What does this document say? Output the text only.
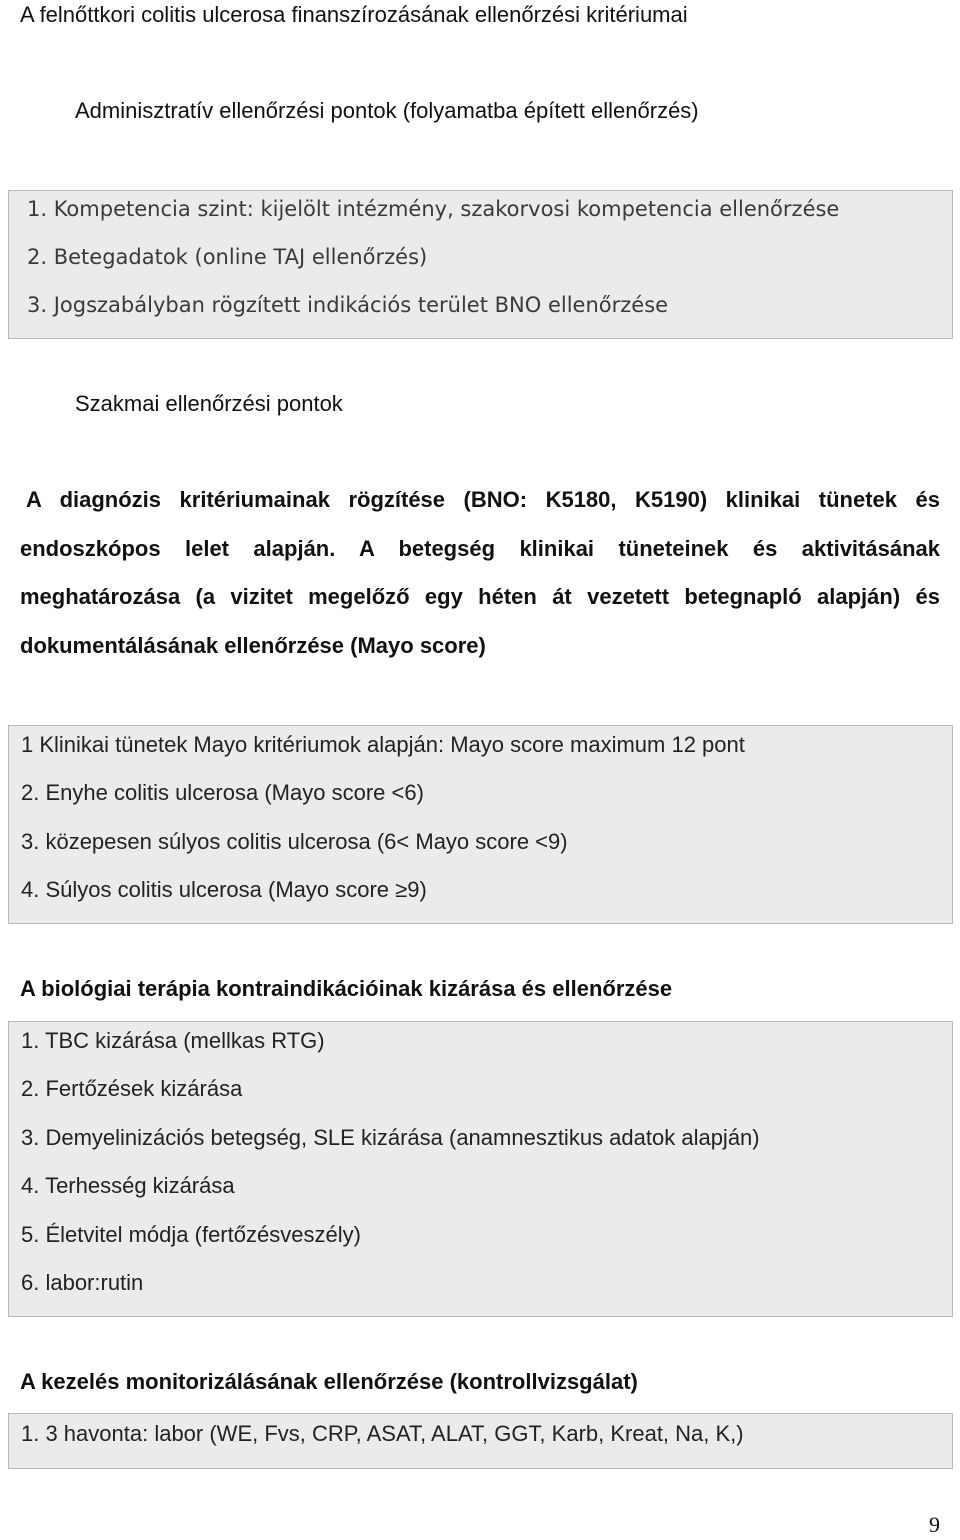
A felnőttkori colitis ulcerosa finanszírozásának ellenőrzési kritériumai
Adminisztratív ellenőrzési pontok (folyamatba épített ellenőrzés)
1. Kompetencia szint: kijelölt intézmény, szakorvosi kompetencia ellenőrzése
2. Betegadatok (online TAJ ellenőrzés)
3. Jogszabályban rögzített indikációs terület BNO ellenőrzése
Szakmai ellenőrzési pontok
A diagnózis kritériumainak rögzítése (BNO: K5180, K5190) klinikai tünetek és
endoszkópos lelet alapján. A betegség klinikai tüneteinek és aktivitásának
meghatározása (a vizitet megelőző egy héten át vezetett betegnapló alapján) és
dokumentálásának ellenőrzése (Mayo score)
1 Klinikai tünetek Mayo kritériumok alapján: Mayo score maximum 12 pont
2. Enyhe colitis ulcerosa (Mayo score <6)
3. közepesen súlyos colitis ulcerosa (6< Mayo score <9)
4. Súlyos colitis ulcerosa (Mayo score ≥9)
A biológiai terápia kontraindikációinak kizárása és ellenőrzése
1. TBC kizárása (mellkas RTG)
2. Fertőzések kizárása
3. Demyelinizációs betegség, SLE kizárása (anamnesztikus adatok alapján)
4. Terhesség kizárása
5. Életvitel módja (fertőzésveszély)
6. labor:rutin
A kezelés monitorizálásának ellenőrzése (kontrollvizsgálat)
1. 3 havonta: labor (WE, Fvs, CRP, ASAT, ALAT, GGT, Karb, Kreat, Na, K,)
9
